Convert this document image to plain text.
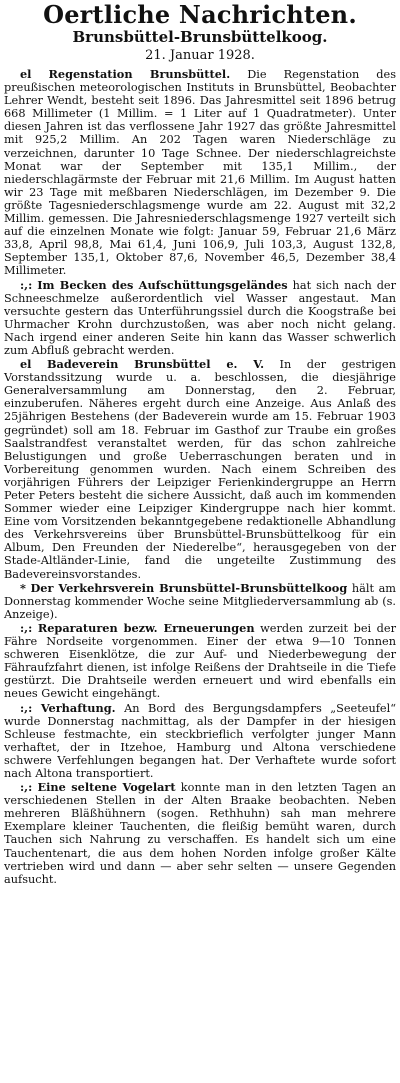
Oertliche Nachrichten.
Brunsbüttel-Brunsbüttelkoog.
21. Januar 1928.

el Regenstation Brunsbüttel. Die Regenstation des preußischen meteorologischen Instituts in Brunsbüttel, Beobachter Lehrer Wendt, besteht seit 1896. Das Jahresmittel seit 1896 betrug 668 Millimeter (1 Millim. = 1 Liter auf 1 Quadratmeter). Unter diesen Jahren ist das verflossene Jahr 1927 das größte Jahresmittel mit 925,2 Millim. An 202 Tagen waren Niederschläge zu verzeichnen, darunter 10 Tage Schnee. Der niederschlagreichste Monat war der September mit 135,1 Millim., der niederschlagärmste der Februar mit 21,6 Millim. Im August hatten wir 23 Tage mit meßbaren Niederschlägen, im Dezember 9. Die größte Tagesniederschlagsmenge wurde am 22. August mit 32,2 Millim. gemessen. Die Jahresniederschlagsmenge 1927 verteilt sich auf die einzelnen Monate wie folgt: Januar 59, Februar 21,6 März 33,8, April 98,8, Mai 61,4, Juni 106,9, Juli 103,3, August 132,8, September 135,1, Oktober 87,6, November 46,5, Dezember 38,4 Millimeter.

:,: Im Becken des Aufschüttungsgeländes hat sich nach der Schneeschmelze außerordentlich viel Wasser angestaut. Man versuchte gestern das Unterführungssiel durch die Koogstraße bei Uhrmacher Krohn durchzustoßen, was aber noch nicht gelang. Nach irgend einer anderen Seite hin kann das Wasser schwerlich zum Abfluß gebracht werden.

el Badeverein Brunsbüttel e. V. In der gestrigen Vorstandssitzung wurde u. a. beschlossen, die diesjährige Generalversammlung am Donnerstag, den 2. Februar, einzuberufen. Näheres ergeht durch eine Anzeige. Aus Anlaß des 25jährigen Bestehens (der Badeverein wurde am 15. Februar 1903 gegründet) soll am 18. Februar im Gasthof zur Traube ein großes Saalstrandfest veranstaltet werden, für das schon zahlreiche Belustigungen und große Ueberraschungen beraten und in Vorbereitung genommen wurden. Nach einem Schreiben des vorjährigen Führers der Leipziger Ferienkindergruppe an Herrn Peter Peters besteht die sichere Aussicht, daß auch im kommenden Sommer wieder eine Leipziger Kindergruppe nach hier kommt. Eine vom Vorsitzenden bekanntgegebene redaktionelle Abhandlung des Verkehrsvereins über Brunsbüttel-Brunsbüttelkoog für ein Album, Den Freunden der Niederelbe“, herausgegeben von der Stade-Altländer-Linie, fand die ungeteilte Zustimmung des Badevereinsvorstandes.

* Der Verkehrsverein Brunsbüttel-Brunsbüttelkoog hält am Donnerstag kommender Woche seine Mitgliederversammlung ab (s. Anzeige).

:,: Reparaturen bezw. Erneuerungen werden zurzeit bei der Fähre Nordseite vorgenommen. Einer der etwa 9—10 Tonnen schweren Eisenklötze, die zur Auf- und Niederbewegung der Fähraufzfahrt dienen, ist infolge Reißens der Drahtseile in die Tiefe gestürzt. Die Drahtseile werden erneuert und wird ebenfalls ein neues Gewicht eingehängt.

:,: Verhaftung. An Bord des Bergungsdampfers „Seeteufel“ wurde Donnerstag nachmittag, als der Dampfer in der hiesigen Schleuse festmachte, ein steckbrieflich verfolgter junger Mann verhaftet, der in Itzehoe, Hamburg und Altona verschiedene schwere Verfehlungen begangen hat. Der Verhaftete wurde sofort nach Altona transportiert.

:,: Eine seltene Vogelart konnte man in den letzten Tagen an verschiedenen Stellen in der Alten Braake beobachten. Neben mehreren Bläßhühnern (sogen. Rethhuhn) sah man mehrere Exemplare kleiner Tauchenten, die fleißig bemüht waren, durch Tauchen sich Nahrung zu verschaffen. Es handelt sich um eine Tauchentenart, die aus dem hohen Norden infolge großer Kälte vertrieben wird und dann — aber sehr selten — unsere Gegenden aufsucht.
